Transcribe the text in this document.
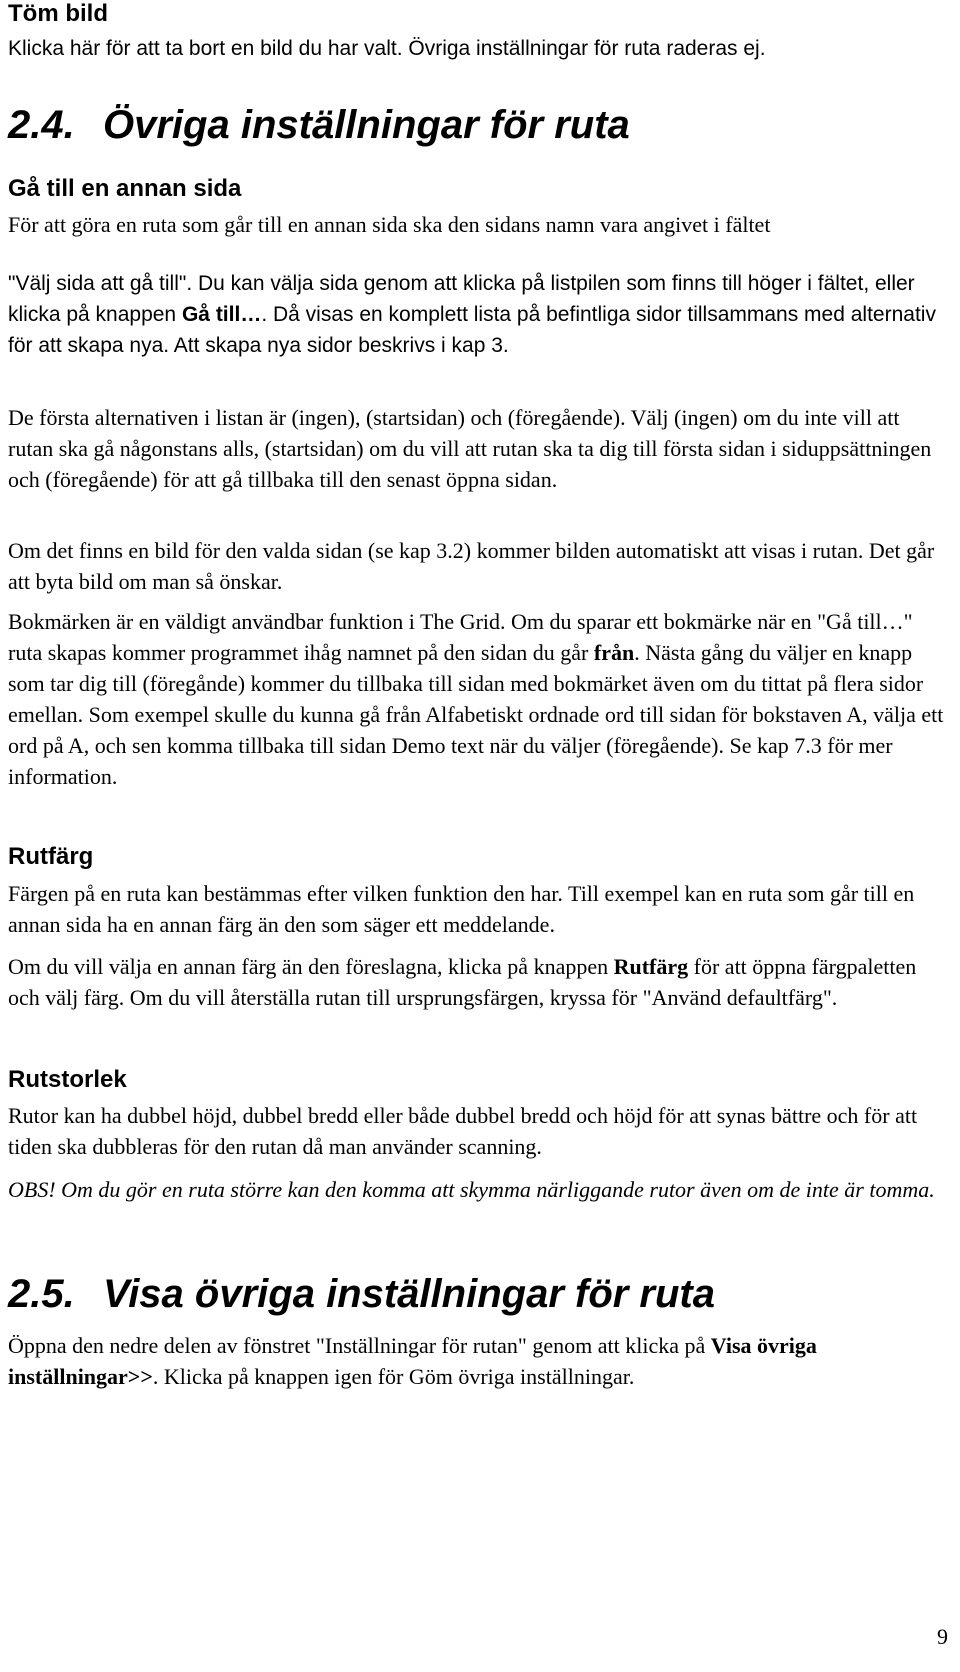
Töm bild

Klicka här för att ta bort en bild du har valt. Övriga inställningar för ruta raderas ej.

2.4. Övriga inställningar för ruta
Gå till en annan sida

För att göra en ruta som går till en annan sida ska den sidans namn vara angivet i fältet

"Välj sida att gå till". Du kan välja sida genom att klicka på listpilen som finns till höger i fältet, eller klicka på knappen Gå till…. Då visas en komplett lista på befintliga sidor tillsammans med alternativ för att skapa nya. Att skapa nya sidor beskrivs i kap 3.

De första alternativen i listan är (ingen), (startsidan) och (föregående). Välj (ingen) om du inte vill att rutan ska gå någonstans alls, (startsidan) om du vill att rutan ska ta dig till första sidan i siduppsättningen och (föregående) för att gå tillbaka till den senast öppna sidan.

Om det finns en bild för den valda sidan (se kap 3.2) kommer bilden automatiskt att visas i rutan. Det går att byta bild om man så önskar.

Bokmärken är en väldigt användbar funktion i The Grid. Om du sparar ett bokmärke när en "Gå till…" ruta skapas kommer programmet ihåg namnet på den sidan du går från. Nästa gång du väljer en knapp som tar dig till (föregånde) kommer du tillbaka till sidan med bokmärket även om du tittat på flera sidor emellan. Som exempel skulle du kunna gå från Alfabetiskt ordnade ord till sidan för bokstaven A, välja ett ord på A, och sen komma tillbaka till sidan Demo text när du väljer (föregående). Se kap 7.3 för mer information.

Rutfärg

Färgen på en ruta kan bestämmas efter vilken funktion den har. Till exempel kan en ruta som går till en annan sida ha en annan färg än den som säger ett meddelande.

Om du vill välja en annan färg än den föreslagna, klicka på knappen Rutfärg för att öppna färgpaletten och välj färg. Om du vill återställa rutan till ursprungsfärgen, kryssa för "Använd defaultfärg".

Rutstorlek

Rutor kan ha dubbel höjd, dubbel bredd eller både dubbel bredd och höjd för att synas bättre och för att tiden ska dubbleras för den rutan då man använder scanning.

OBS! Om du gör en ruta större kan den komma att skymma närliggande rutor även om de inte är tomma.

2.5. Visa övriga inställningar för ruta

Öppna den nedre delen av fönstret "Inställningar för rutan" genom att klicka på Visa övriga inställningar>>. Klicka på knappen igen för Göm övriga inställningar.

9
